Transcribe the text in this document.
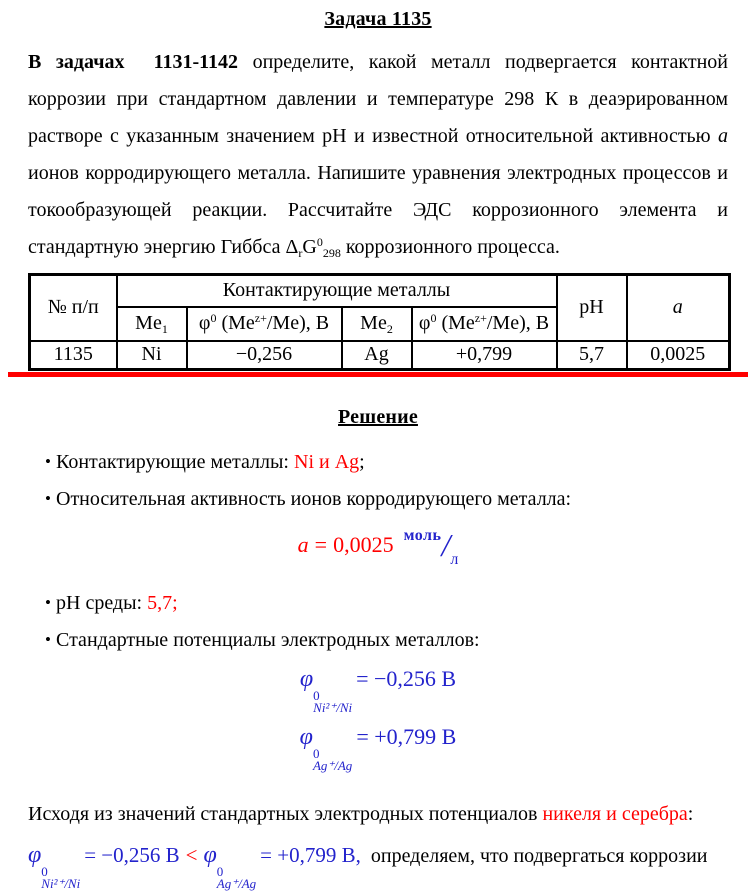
Задача 1135
В задачах  1131-1142 определите, какой металл подвергается контактной коррозии при стандартном давлении и температуре 298 К в деаэрированном растворе с указанным значением pH и известной относительной активностью a ионов корродирующего металла. Напишите уравнения электродных процессов и токообразующей реакции. Рассчитайте ЭДС коррозионного элемента и стандартную энергию Гиббса $\Delta_rG^0_{298}$ коррозионного процесса.
№ п/п	Контактирующие металлы				pH	a
	$Me_1$	$\varphi^0$ $(Me^{z+}/Me)$, В	$Me_2$	$\varphi^0$ $(Me^{z+}/Me)$, В		
1135	Ni	−0,256	Ag	+0,799	5,7	0,0025
Решение
• Контактирующие металлы: Ni и Ag;
• Относительная активность ионов корродирующего металла:
a = 0,0025 $^{моль}/_л$
• pH среды: 5,7;
• Стандартные потенциалы электродных металлов:
φ
0
Ni²⁺/Ni
= −0,256 В
φ
0
Ag⁺/Ag
= +0,799 В
Исходя из значений стандартных электродных потенциалов никеля и серебра:
φ
0
Ni²⁺/Ni
= −0,256 В < φ
0
Ag⁺/Ag
= +0,799 В, определяем, что подвергаться коррозии
